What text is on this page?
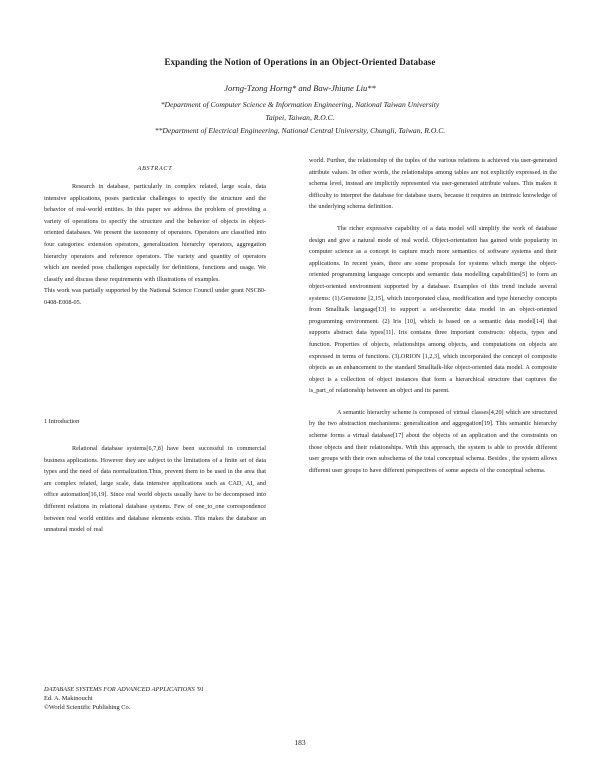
Expanding the Notion of Operations in an Object-Oriented Database
Jorng-Tzong Horng* and Baw-Jhiune Liu**
*Department of Computer Science & Information Engineering, National Taiwan University
Taipei, Taiwan, R.O.C.
**Department of Electrical Engineering, National Central University, Chungli, Taiwan, R.O.C.
ABSTRACT

Research in database, particularly in complex related, large scale, data intensive applications, poses particular challenges to specify the structure and the behavior of real-world entities. In this paper we address the problem of providing a variety of operations to specify the structure and the behavior of objects in object-oriented databases. We present the taxonomy of operators. Operators are classified into four categories: extension operators, generalization hierarchy operators, aggregation hierarchy operators and reference operators. The variety and quantity of operators which are needed pose challenges especially for definitions, functions and usage. We classify and discuss these requirements with illustrations of examples.

This work was partially supported by the National Science Council under grant NSC80-0408-E008-05.

1 Introduction

Relational database systems[6,7,8] have been successful in commercial business applications. However they are subject to the limitations of a finite set of data types and the need of data normalization.Thus, prevent them to be used in the area that are complex related, large scale, data intensive applications such as CAD, AI, and office automation[16,19]. Since real world objects usually have to be decomposed into different relations in relational database systems. Few of one_to_one correspondence between real world entities and database elements exists. This makes the database an unnatural model of real

world. Further, the relationship of the tuples of the various relations is achieved via user-generated attribute values. In other words, the relationships among tables are not explicitly expressed in the schema level, instead are implicitly represented via user-generated attribute values. This makes it difficulty to interpret the database for database users, because it requires an intrinsic knowledge of the underlying schema definition.

The richer expressive capability of a data model will simplify the work of database design and give a natural mode of real world. Object-orientation has gained wide popularity in computer science as a concept to capture much more semantics of software systems and their applications. In recent years, there are some proposals for systems which merge the object-oriented programming language concepts and semantic data modelling capabilities[5] to form an object-oriented environment supported by a database. Examples of this trend include several systems: (1).Gemstone [2,15], which incorporated class, modification and type hierarchy concepts from Smalltalk language[13] to support a set-theoretic data model in an object-oriented programming environment. (2) Iris [10], which is based on a semantic data model[14] that supports abstract data types[11]. Iris contains three important constructs: objects, types and function. Properties of objects, relationships among objects, and computations on objects are expressed in terms of functions. (3).ORION [1,2,3], which incorporated the concept of composite objects as an enhancement to the standard Smalltalk-like object-oriented data model. A composite object is a collection of object instances that form a hierarchical structure that captures the is_part_of relationship between an object and its parent.

A semantic hierarchy scheme is composed of virtual classes[4,20] which are structured by the two abstraction mechanisms: generalization and aggregation[19]. This semantic hierarchy scheme forms a virtual database[17] about the objects of an application and the constraints on those objects and their relationships. With this approach, the system is able to provide different user groups with their own subschema of the total conceptual schema. Besides , the system allows different user groups to have different perspectives of some aspects of the conceptual schema.

DATABASE SYSTEMS FOR ADVANCED APPLICATIONS '91
Ed. A. Makinouchi
©World Scientific Publishing Co.
183
